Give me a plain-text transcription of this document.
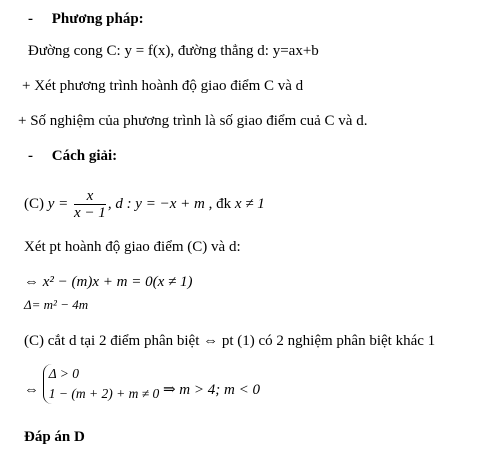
- Phương pháp:
Đường cong C: y = f(x), đường thẳng d: y=ax+b
+ Xét phương trình hoành độ giao điểm C và d
+ Số nghiệm của phương trình là số giao điểm cuả C và d.
- Cách giải:
(C) $y = \frac{x}{x - 1}$ , d : y = −x + m , đk x ≠ 1
Xét pt hoành độ giao điểm (C) và d:
⇔ x² − (m)x + m = 0(x ≠ 1)
Δ= m² − 4m
(C) cắt d tại 2 điểm phân biệt ⇔ pt (1) có 2 nghiệm phân biệt khác 1
⇔
Δ > 0
1 − (m + 2) + m ≠ 0 ⇒ m > 4; m < 0
Đáp án D
